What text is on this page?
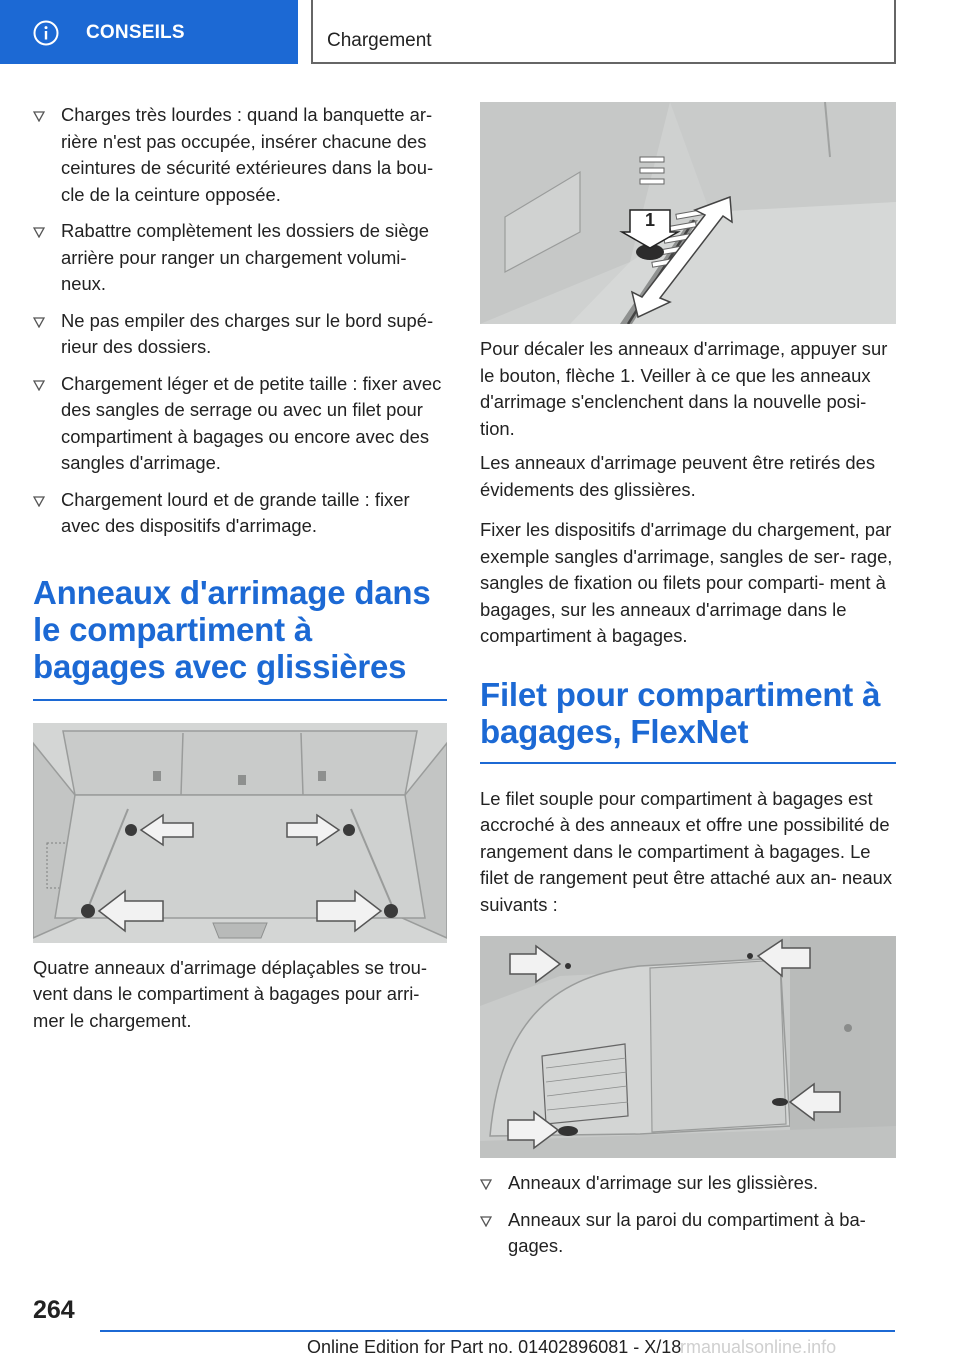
CONSEILS	Chargement
Charges très lourdes : quand la banquette ar- rière n'est pas occupée, insérer chacune des ceintures de sécurité extérieures dans la bou- cle de la ceinture opposée.
Rabattre complètement les dossiers de siège arrière pour ranger un chargement volumi- neux.
Ne pas empiler des charges sur le bord supé- rieur des dossiers.
Chargement léger et de petite taille : fixer avec des sangles de serrage ou avec un filet pour compartiment à bagages ou encore avec des sangles d'arrimage.
Chargement lourd et de grande taille : fixer avec des dispositifs d'arrimage.
Anneaux d'arrimage dans le compartiment à bagages avec glissières

Quatre anneaux d'arrimage déplaçables se trou- vent dans le compartiment à bagages pour arri- mer le chargement.

1

Pour décaler les anneaux d'arrimage, appuyer sur le bouton, flèche 1. Veiller à ce que les anneaux d'arrimage s'enclenchent dans la nouvelle posi- tion.

Les anneaux d'arrimage peuvent être retirés des évidements des glissières.

Fixer les dispositifs d'arrimage du chargement, par exemple sangles d'arrimage, sangles de ser- rage, sangles de fixation ou filets pour comparti- ment à bagages, sur les anneaux d'arrimage dans le compartiment à bagages.

Filet pour compartiment à bagages, FlexNet

Le filet souple pour compartiment à bagages est accroché à des anneaux et offre une possibilité de rangement dans le compartiment à bagages. Le filet de rangement peut être attaché aux an- neaux suivants :

Anneaux d'arrimage sur les glissières.
Anneaux sur la paroi du compartiment à ba- gages.
264
Online Edition for Part no. 01402896081 - X/18
rmanualsonline.info
